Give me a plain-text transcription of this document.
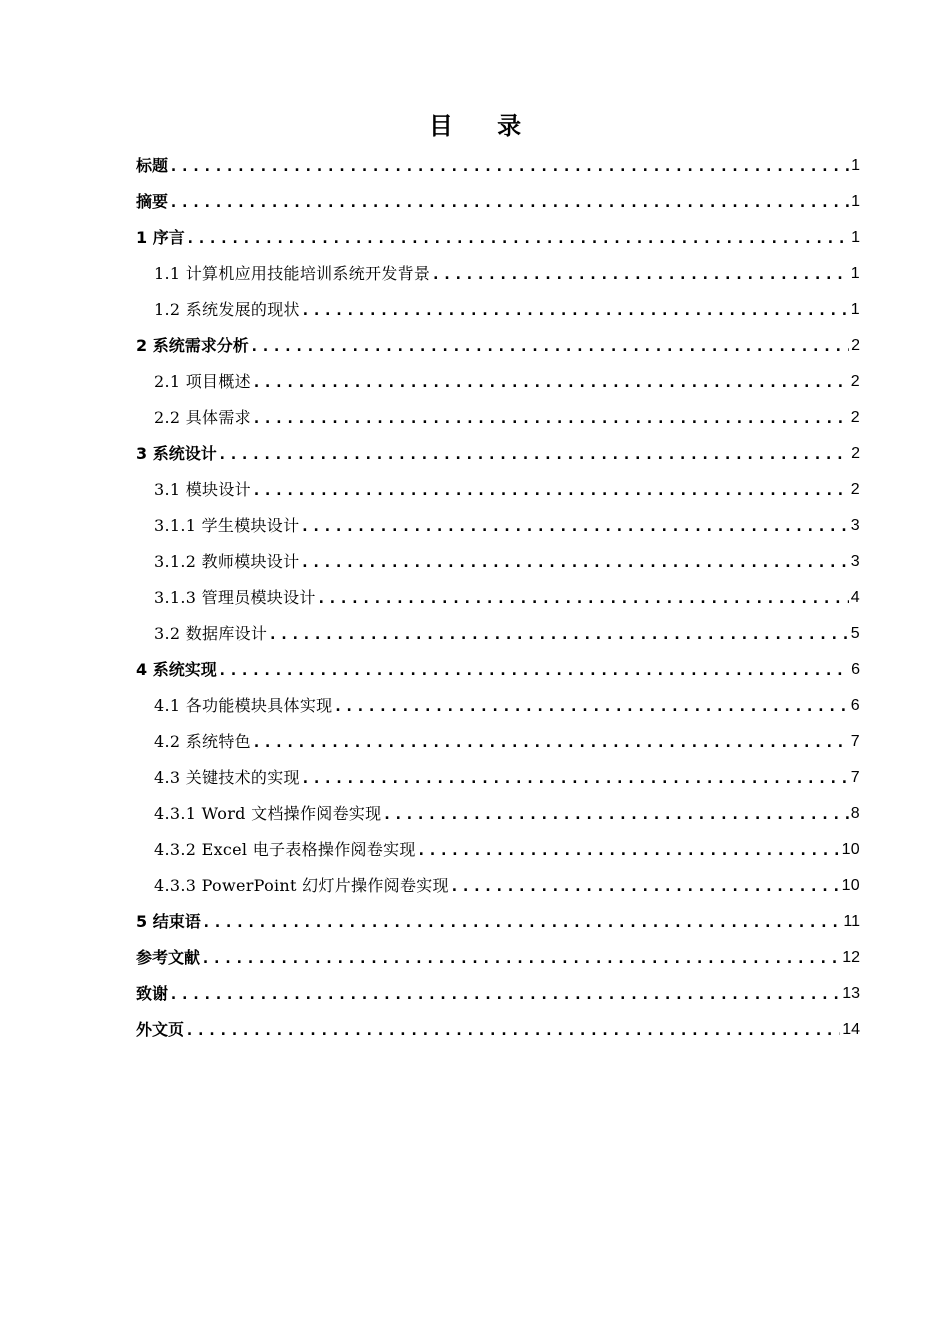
目 录
标题 .....	1
摘要 .....	1
1 序言 .....	1
1.1 计算机应用技能培训系统开发背景 .....	1
1.2 系统发展的现状 .....	1
2 系统需求分析 .....	2
2.1 项目概述 .....	2
2.2 具体需求 .....	2
3 系统设计 .....	2
3.1 模块设计 .....	2
3.1.1 学生模块设计 .....	3
3.1.2 教师模块设计 .....	3
3.1.3 管理员模块设计 .....	4
3.2 数据库设计 .....	5
4 系统实现 .....	6
4.1 各功能模块具体实现 .....	6
4.2 系统特色 .....	7
4.3 关键技术的实现 .....	7
4.3.1 Word 文档操作阅卷实现 .....	8
4.3.2 Excel 电子表格操作阅卷实现 .....	10
4.3.3 PowerPoint 幻灯片操作阅卷实现 .....	10
5 结束语 .....	11
参考文献 .....	12
致谢 .....	13
外文页 .....	14
